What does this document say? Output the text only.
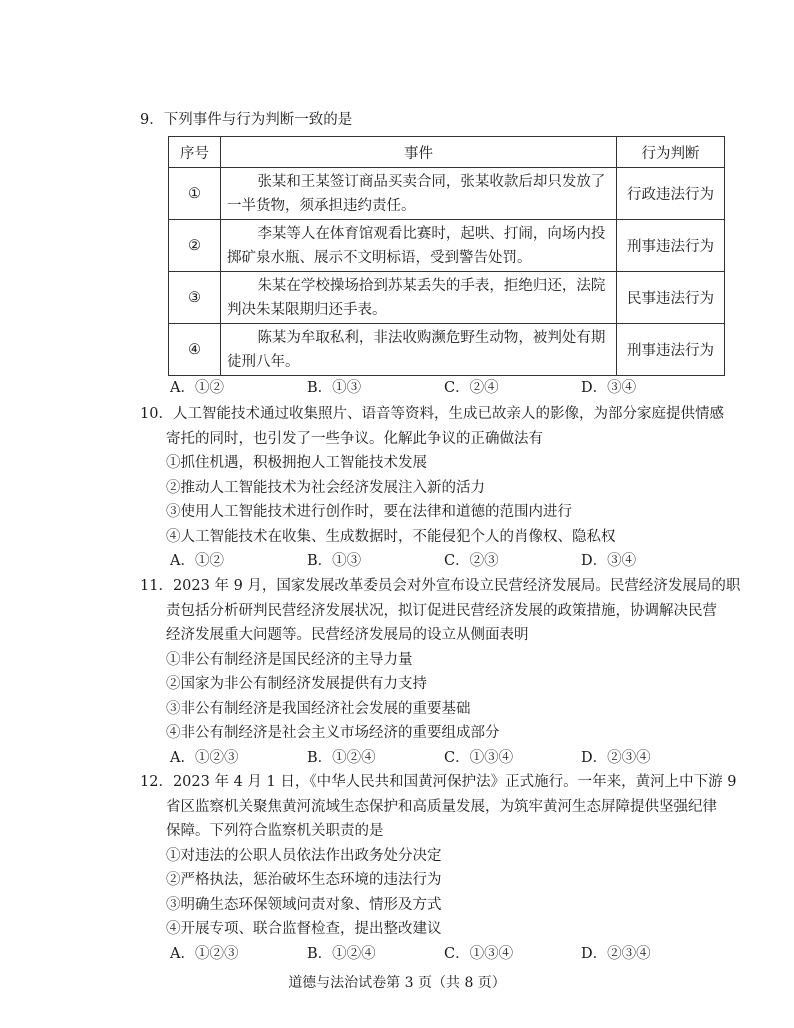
9．下列事件与行为判断一致的是
序号	事件	行为判断
①	张某和王某签订商品买卖合同，张某收款后却只发放了一半货物，须承担违约责任。	行政违法行为
②	李某等人在体育馆观看比赛时，起哄、打闹，向场内投掷矿泉水瓶、展示不文明标语，受到警告处罚。	刑事违法行为
③	朱某在学校操场拾到苏某丢失的手表，拒绝归还，法院判决朱某限期归还手表。	民事违法行为
④	陈某为牟取私利，非法收购濒危野生动物，被判处有期徒刑八年。	刑事违法行为
A．①②	B．①③	C．②④	D．③④
10．人工智能技术通过收集照片、语音等资料，生成已故亲人的影像，为部分家庭提供情感
寄托的同时，也引发了一些争议。化解此争议的正确做法有
①抓住机遇，积极拥抱人工智能技术发展
②推动人工智能技术为社会经济发展注入新的活力
③使用人工智能技术进行创作时，要在法律和道德的范围内进行
④人工智能技术在收集、生成数据时，不能侵犯个人的肖像权、隐私权
A．①②	B．①③	C．②③	D．③④
11．2023 年 9 月，国家发展改革委员会对外宣布设立民营经济发展局。民营经济发展局的职
责包括分析研判民营经济发展状况，拟订促进民营经济发展的政策措施，协调解决民营
经济发展重大问题等。民营经济发展局的设立从侧面表明
①非公有制经济是国民经济的主导力量
②国家为非公有制经济发展提供有力支持
③非公有制经济是我国经济社会发展的重要基础
④非公有制经济是社会主义市场经济的重要组成部分
A．①②③	B．①②④	C．①③④	D．②③④
12．2023 年 4 月 1 日，《中华人民共和国黄河保护法》正式施行。一年来，黄河上中下游 9
省区监察机关聚焦黄河流域生态保护和高质量发展，为筑牢黄河生态屏障提供坚强纪律
保障。下列符合监察机关职责的是
①对违法的公职人员依法作出政务处分决定
②严格执法，惩治破坏生态环境的违法行为
③明确生态环保领域问责对象、情形及方式
④开展专项、联合监督检查，提出整改建议
A．①②③	B．①②④	C．①③④	D．②③④
道德与法治试卷第 3 页（共 8 页）
